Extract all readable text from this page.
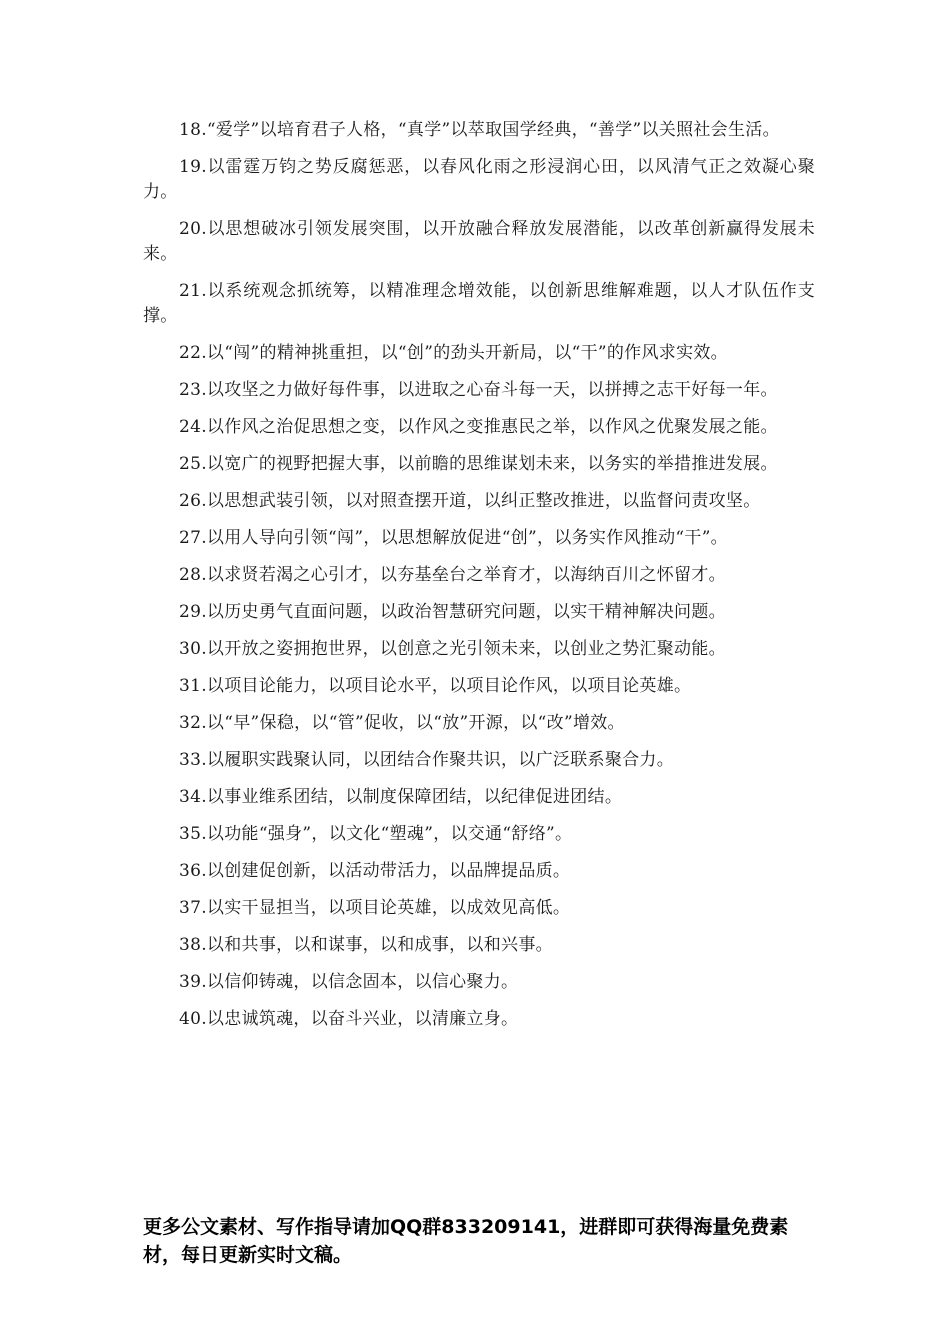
18.“爱学”以培育君子人格，“真学”以萃取国学经典，“善学”以关照社会生活。

19.以雷霆万钧之势反腐惩恶，以春风化雨之形浸润心田，以风清气正之效凝心聚力。

20.以思想破冰引领发展突围，以开放融合释放发展潜能，以改革创新赢得发展未来。

21.以系统观念抓统筹，以精准理念增效能，以创新思维解难题，以人才队伍作支撑。

22.以“闯”的精神挑重担，以“创”的劲头开新局，以“干”的作风求实效。

23.以攻坚之力做好每件事，以进取之心奋斗每一天，以拼搏之志干好每一年。

24.以作风之治促思想之变，以作风之变推惠民之举，以作风之优聚发展之能。

25.以宽广的视野把握大事，以前瞻的思维谋划未来，以务实的举措推进发展。

26.以思想武装引领，以对照查摆开道，以纠正整改推进，以监督问责攻坚。

27.以用人导向引领“闯”，以思想解放促进“创”，以务实作风推动“干”。

28.以求贤若渴之心引才，以夯基垒台之举育才，以海纳百川之怀留才。

29.以历史勇气直面问题，以政治智慧研究问题，以实干精神解决问题。

30.以开放之姿拥抱世界，以创意之光引领未来，以创业之势汇聚动能。

31.以项目论能力，以项目论水平，以项目论作风，以项目论英雄。

32.以“早”保稳，以“管”促收，以“放”开源，以“改”增效。

33.以履职实践聚认同，以团结合作聚共识，以广泛联系聚合力。

34.以事业维系团结，以制度保障团结，以纪律促进团结。

35.以功能“强身”，以文化“塑魂”，以交通“舒络”。

36.以创建促创新，以活动带活力，以品牌提品质。

37.以实干显担当，以项目论英雄，以成效见高低。

38.以和共事，以和谋事，以和成事，以和兴事。

39.以信仰铸魂，以信念固本，以信心聚力。

40.以忠诚筑魂，以奋斗兴业，以清廉立身。

更多公文素材、写作指导请加QQ群833209141，进群即可获得海量免费素材，每日更新实时文稿。
